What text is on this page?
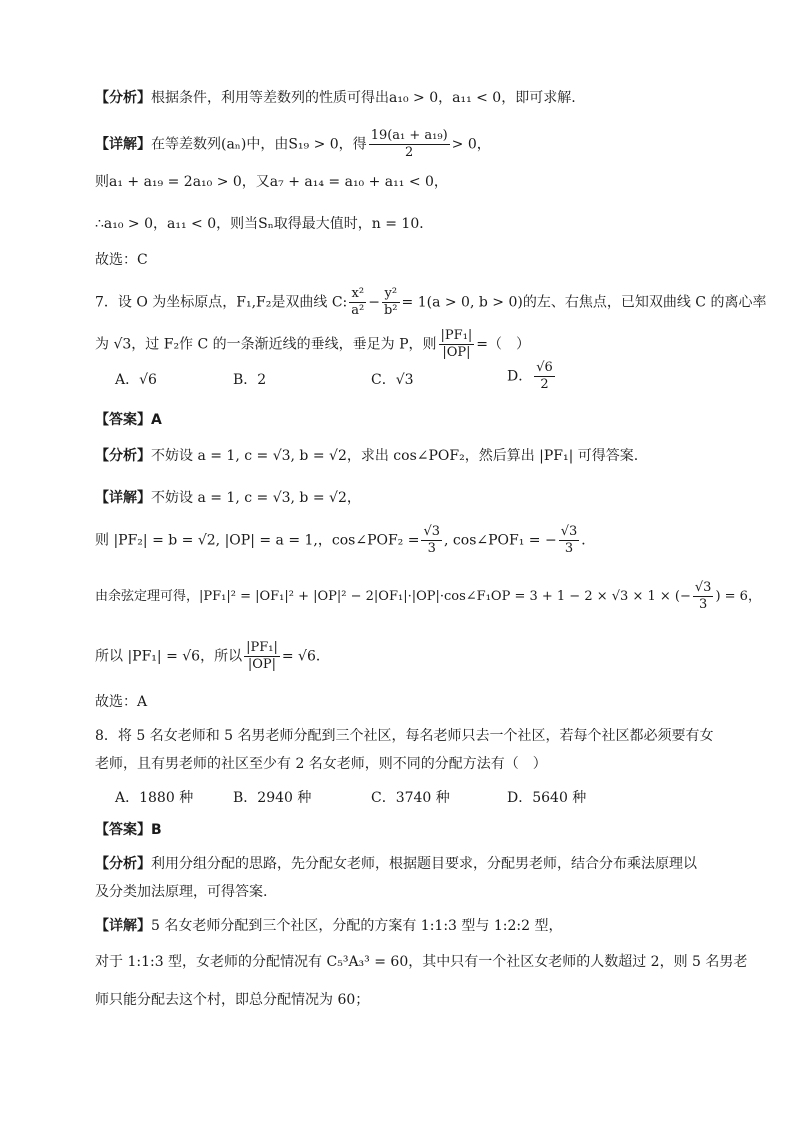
【分析】根据条件，利用等差数列的性质可得出a₁₀ > 0，a₁₁ < 0，即可求解.
【详解】在等差数列(aₙ)中，由S₁₉ > 0，得 $\frac{\text{19(a₁ + a₁₉)}}{2} > 0$，
则a₁ + a₁₉ = 2a₁₀ > 0，又a₇ + a₁₄ = a₁₀ + a₁₁ < 0，
∴a₁₀ > 0，a₁₁ < 0，则当Sₙ取得最大值时，n = 10．
故选：C
7．设 O 为坐标原点，F₁,F₂是双曲线 C: $\frac{\text{x²}}{\text{a²}} - \frac{\text{y²}}{\text{b²}} = 1(a > 0$, b > 0)的左、右焦点，已知双曲线 C 的离心率
为 √3，过 F₂作 C 的一条渐近线的垂线，垂足为 P，则 $\frac{\text{|PF₁|}}{|OP|}$ =（　）
A．√6	B．2	C．√3	D． $\frac{√6}{2}$
【答案】A
【分析】不妨设 a = 1, c = √3, b = √2，求出 cos∠POF₂，然后算出 |PF₁| 可得答案.
【详解】不妨设 a = 1, c = √3, b = √2，
则 |PF₂| = b = √2, |OP| = a = 1,，cos∠POF₂ = $\frac{√3}{3}$ , cos∠POF₁ = − $\frac{√3}{3}$ ．
由余弦定理可得，|PF₁|² = |OF₁|² + |OP|² − 2|OF₁|·|OP|·cos∠F₁OP = 3 + 1 − 2 × √3 × 1 × (− $\frac{√3}{3}$ ) = 6，
所以 |PF₁| = √6，所以 $\frac{\text{|PF₁|}}{|OP|} = √6$．
故选：A
8．将 5 名女老师和 5 名男老师分配到三个社区，每名老师只去一个社区，若每个社区都必须要有女
老师，且有男老师的社区至少有 2 名女老师，则不同的分配方法有（　）
A．1880 种	B．2940 种	C．3740 种	D．5640 种
【答案】B
【分析】利用分组分配的思路，先分配女老师，根据题目要求，分配男老师，结合分布乘法原理以
及分类加法原理，可得答案.
【详解】5 名女老师分配到三个社区，分配的方案有 1:1:3 型与 1:2:2 型，
对于 1:1:3 型，女老师的分配情况有 C₅³A₃³ = 60，其中只有一个社区女老师的人数超过 2，则 5 名男老
师只能分配去这个村，即总分配情况为 60；
